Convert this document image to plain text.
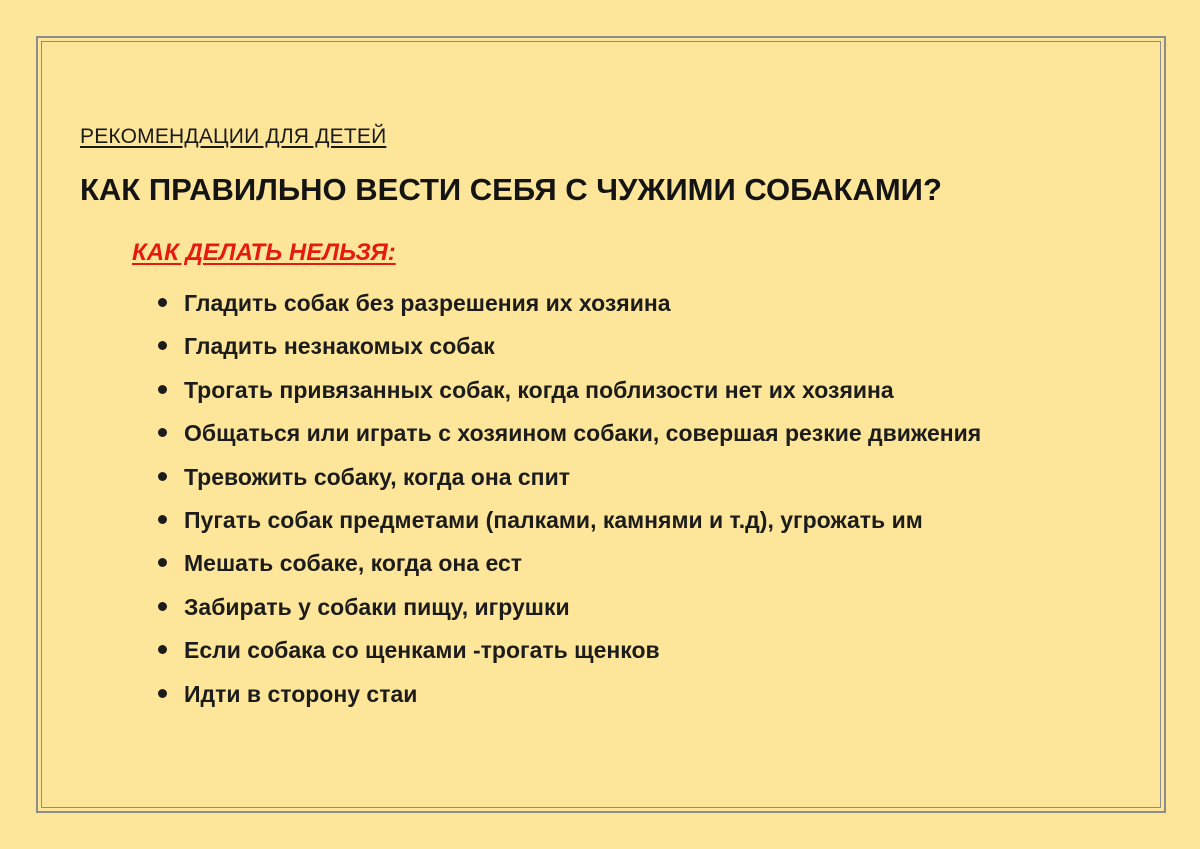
РЕКОМЕНДАЦИИ ДЛЯ ДЕТЕЙ
КАК ПРАВИЛЬНО ВЕСТИ СЕБЯ С ЧУЖИМИ СОБАКАМИ?
КАК ДЕЛАТЬ НЕЛЬЗЯ:
Гладить собак без разрешения их хозяина
Гладить незнакомых собак
Трогать привязанных собак, когда поблизости нет их хозяина
Общаться или играть с хозяином собаки, совершая резкие движения
Тревожить собаку, когда она спит
Пугать собак предметами (палками, камнями и т.д), угрожать им
Мешать собаке, когда она ест
Забирать у собаки пищу, игрушки
Если собака со щенками -трогать щенков
Идти в сторону стаи
